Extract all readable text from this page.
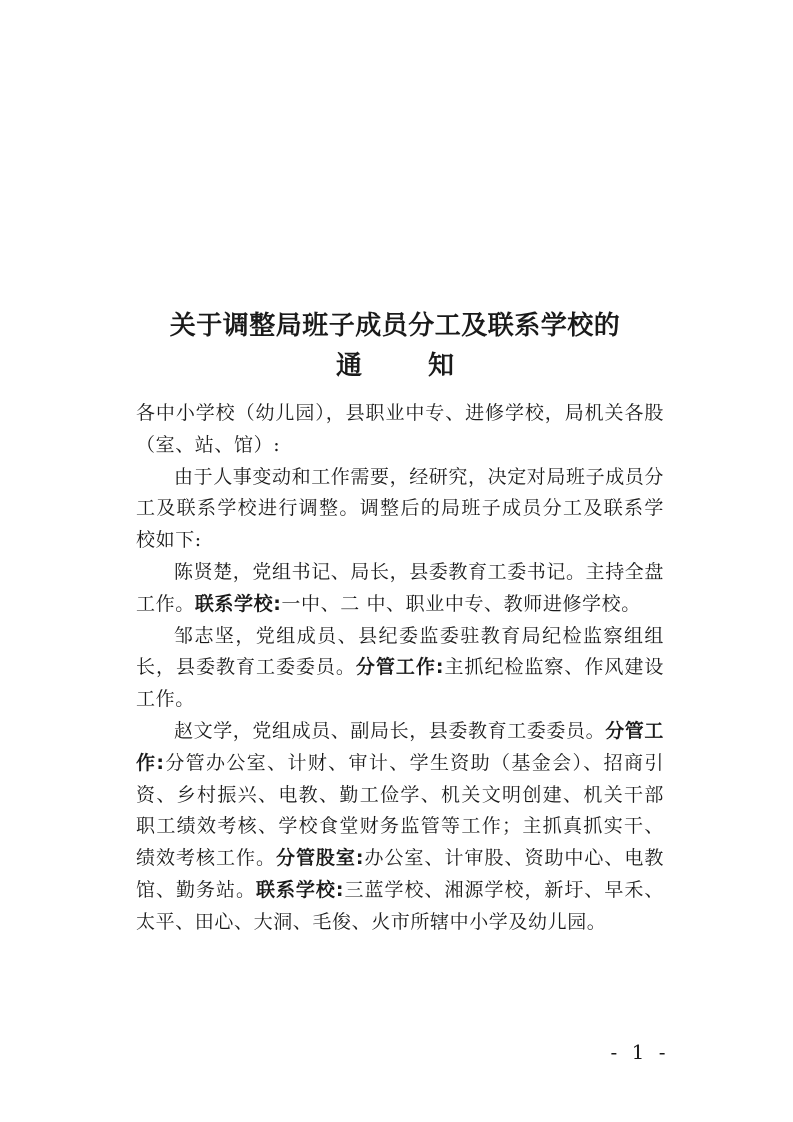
关于调整局班子成员分工及联系学校的
通	知

各中小学校（幼儿园），县职业中专、进修学校，局机关各股（室、站、馆）:

由于人事变动和工作需要，经研究，决定对局班子成员分工及联系学校进行调整。调整后的局班子成员分工及联系学校如下:

陈贤楚，党组书记、局长，县委教育工委书记。主持全盘工作。联系学校:一中、二 中、职业中专、教师进修学校。

邹志坚，党组成员、县纪委监委驻教育局纪检监察组组长，县委教育工委委员。分管工作:主抓纪检监察、作风建设工作。

赵文学，党组成员、副局长，县委教育工委委员。分管工作:分管办公室、计财、审计、学生资助（基金会）、招商引资、乡村振兴、电教、勤工俭学、机关文明创建、机关干部职工绩效考核、学校食堂财务监管等工作；主抓真抓实干、绩效考核工作。分管股室:办公室、计审股、资助中心、电教馆、勤务站。联系学校:三蓝学校、湘源学校，新圩、早禾、太平、田心、大洞、毛俊、火市所辖中小学及幼儿园。

- 1 -
